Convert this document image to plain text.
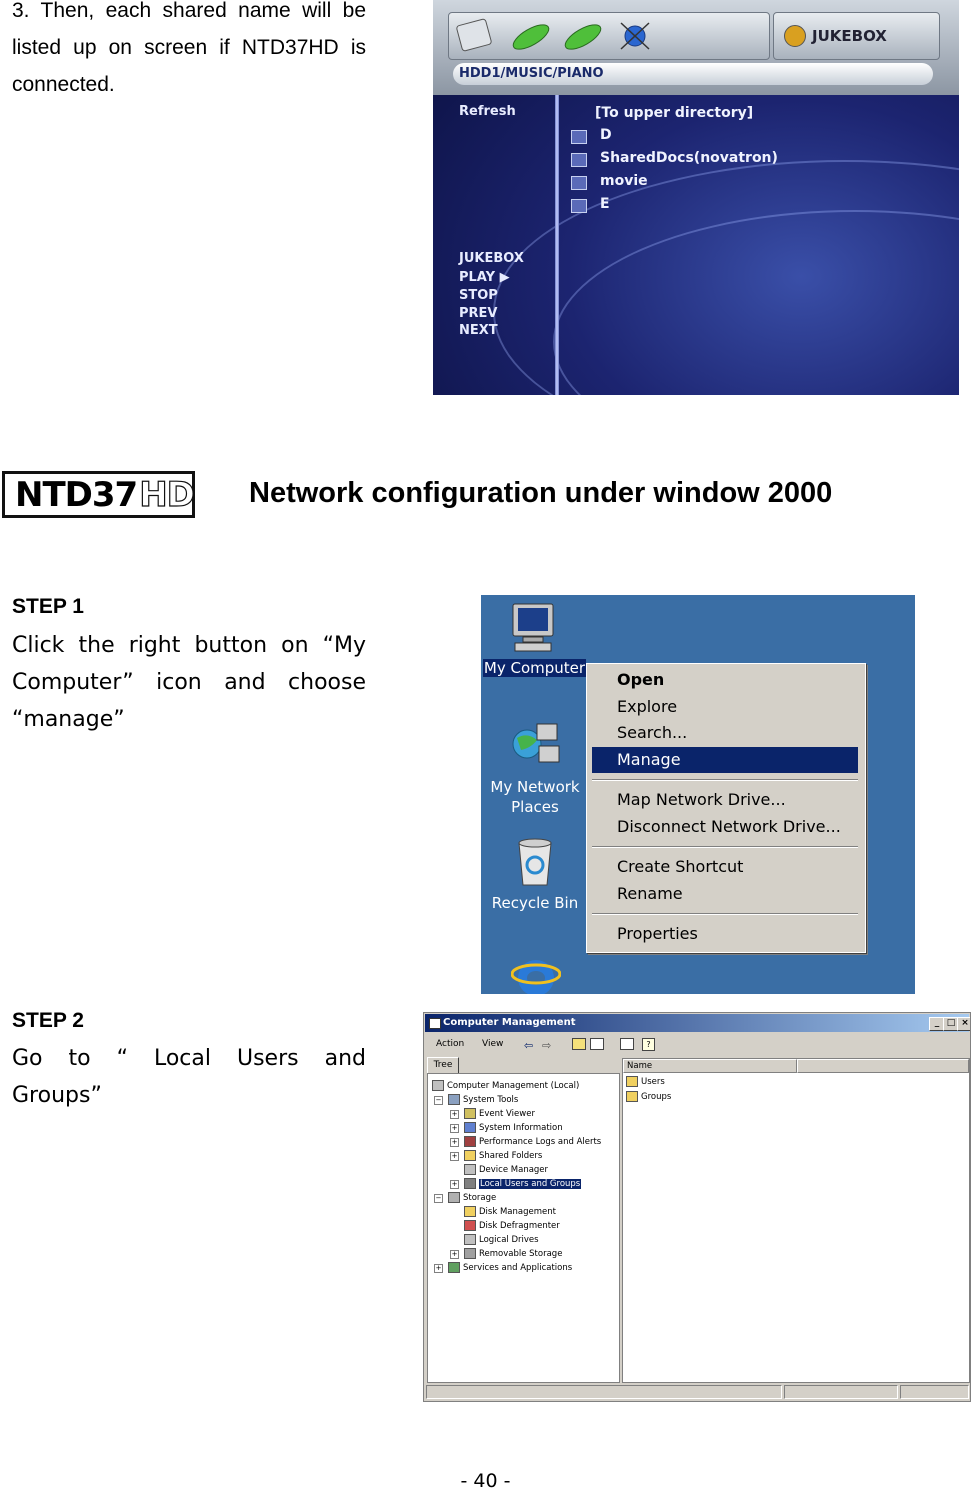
3. Then, each shared name will be listed up on screen if NTD37HD is connected.
JUKEBOX
HDD1/MUSIC/PIANO
Refresh
JUKEBOX
PLAY ▶
STOP
PREV
NEXT
[To upper directory]
D
SharedDocs(novatron)
movie
E
NTD37 HD Network configuration under window 2000
STEP 1
Click the right button on “My Computer” icon and choose “manage”
My Computer
My Network
Places
Recycle Bin
Open
Explore
Search...
Manage
Map Network Drive...
Disconnect Network Drive...
Create Shortcut
Rename
Properties
STEP 2
Go to “ Local Users and Groups”
Computer Management	_ □ ×
Action View ⇦ ⇨	?
Tree
Computer Management (Local)
−	System Tools
+	Event Viewer
+	System Information
+	Performance Logs and Alerts
+	Shared Folders
Device Manager
+	Local Users and Groups
−	Storage
Disk Management
Disk Defragmenter
Logical Drives
+	Removable Storage
+	Services and Applications
Name
Users
Groups
- 40 -
